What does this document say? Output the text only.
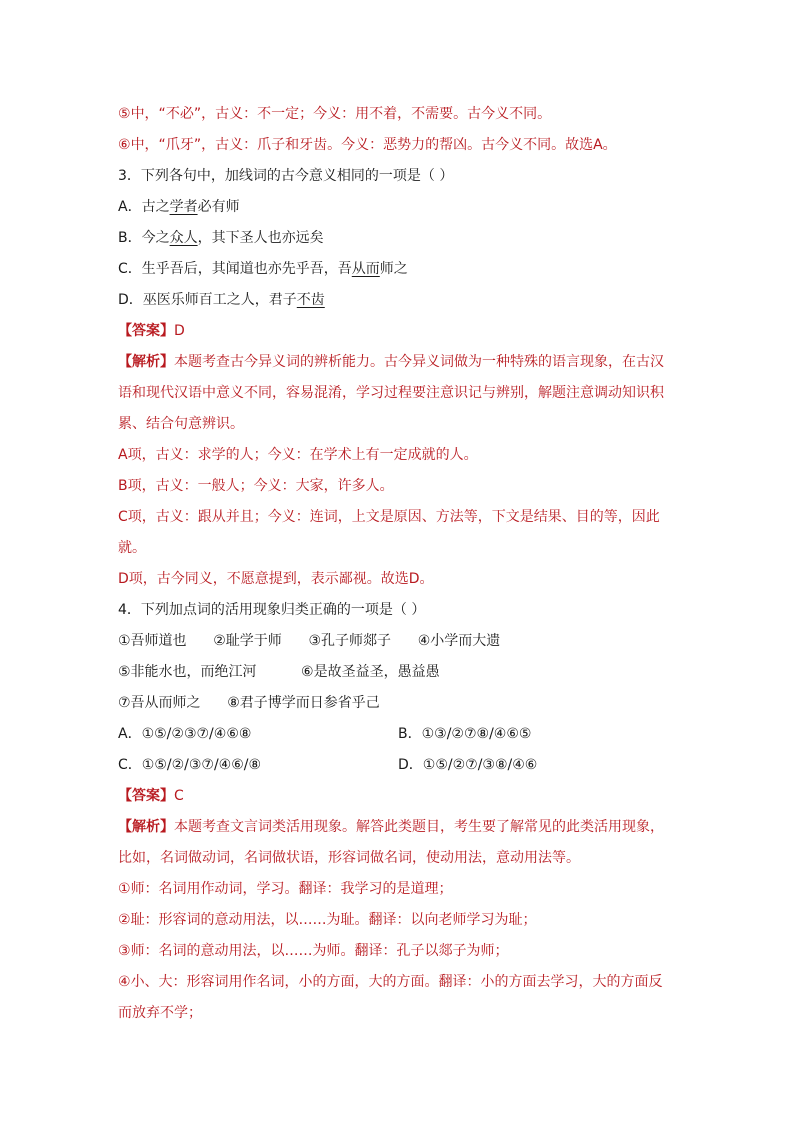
⑤中，“不必”，古义：不一定；今义：用不着，不需要。古今义不同。
⑥中，“爪牙”，古义：爪子和牙齿。今义：恶势力的帮凶。古今义不同。故选A。
3．下列各句中，加线词的古今意义相同的一项是（ ）
A．古之学者必有师
B．今之众人，其下圣人也亦远矣
C．生乎吾后，其闻道也亦先乎吾，吾从而师之
D．巫医乐师百工之人，君子不齿
【答案】D
【解析】本题考查古今异义词的辨析能力。古今异义词做为一种特殊的语言现象，在古汉
语和现代汉语中意义不同，容易混淆，学习过程要注意识记与辨别，解题注意调动知识积
累、结合句意辨识。
A项，古义：求学的人；今义：在学术上有一定成就的人。
B项，古义：一般人；今义：大家，许多人。
C项，古义：跟从并且；今义：连词，上文是原因、方法等，下文是结果、目的等，因此
就。
D项，古今同义，不愿意提到，表示鄙视。故选D。
4．下列加点词的活用现象归类正确的一项是（ ）
①吾师道也      ②耻学于师      ③孔子师郯子      ④小学而大遗
⑤非能水也，而绝江河          ⑥是故圣益圣，愚益愚
⑦吾从而师之      ⑧君子博学而日参省乎己
A．①⑤/②③⑦/④⑥⑧	B．①③/②⑦⑧/④⑥⑤
C．①⑤/②/③⑦/④⑥/⑧	D．①⑤/②⑦/③⑧/④⑥
【答案】C
【解析】本题考查文言词类活用现象。解答此类题目，考生要了解常见的此类活用现象，
比如，名词做动词，名词做状语，形容词做名词，使动用法，意动用法等。
①师：名词用作动词，学习。翻译：我学习的是道理；
②耻：形容词的意动用法，以……为耻。翻译：以向老师学习为耻；
③师：名词的意动用法，以……为师。翻译：孔子以郯子为师；
④小、大：形容词用作名词，小的方面，大的方面。翻译：小的方面去学习，大的方面反
而放弃不学；
